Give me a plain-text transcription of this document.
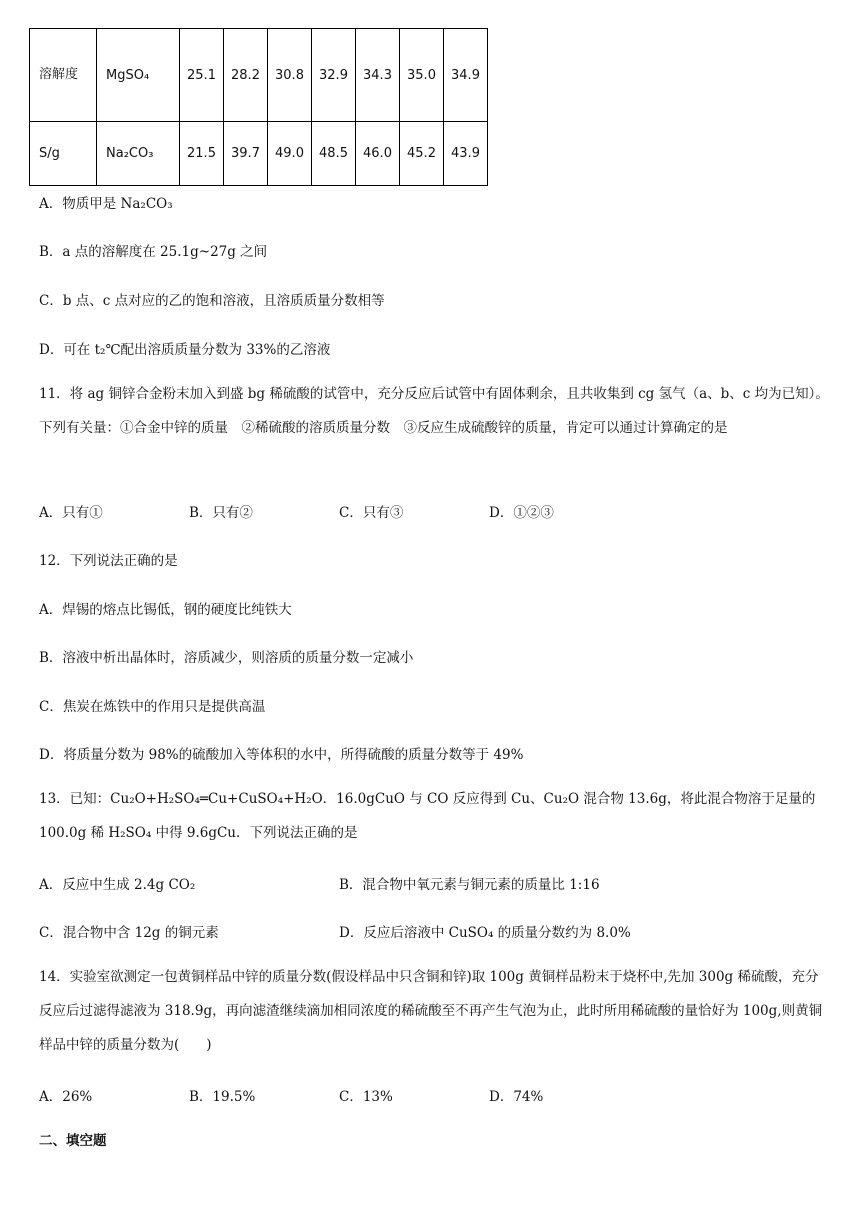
溶解度	MgSO₄	25.1	28.2	30.8	32.9	34.3	35.0	34.9
S/g	Na₂CO₃	21.5	39.7	49.0	48.5	46.0	45.2	43.9
A．物质甲是 Na₂CO₃
B．a 点的溶解度在 25.1g~27g 之间
C．b 点、c 点对应的乙的饱和溶液，且溶质质量分数相等
D．可在 t₂℃配出溶质质量分数为 33%的乙溶液
11．将 ag 铜锌合金粉末加入到盛 bg 稀硫酸的试管中，充分反应后试管中有固体剩余，且共收集到 cg 氢气（a、b、c 均为已知）。下列有关量：①合金中锌的质量　②稀硫酸的溶质质量分数　③反应生成硫酸锌的质量，肯定可以通过计算确定的是
A．只有①	B．只有②	C．只有③	D．①②③
12．下列说法正确的是
A．焊锡的熔点比锡低，钢的硬度比纯铁大
B．溶液中析出晶体时，溶质减少，则溶质的质量分数一定减小
C．焦炭在炼铁中的作用只是提供高温
D．将质量分数为 98%的硫酸加入等体积的水中，所得硫酸的质量分数等于 49%
13．已知：Cu₂O+H₂SO₄═Cu+CuSO₄+H₂O．16.0gCuO 与 CO 反应得到 Cu、Cu₂O 混合物 13.6g，将此混合物溶于足量的 100.0g 稀 H₂SO₄ 中得 9.6gCu．下列说法正确的是
A．反应中生成 2.4g CO₂	B．混合物中氧元素与铜元素的质量比 1:16
C．混合物中含 12g 的铜元素	D．反应后溶液中 CuSO₄ 的质量分数约为 8.0%
14．实验室欲测定一包黄铜样品中锌的质量分数(假设样品中只含铜和锌)取 100g 黄铜样品粉末于烧杯中,先加 300g 稀硫酸，充分反应后过滤得滤液为 318.9g，再向滤渣继续滴加相同浓度的稀硫酸至不再产生气泡为止，此时所用稀硫酸的量恰好为 100g,则黄铜样品中锌的质量分数为(　　)
A．26%	B．19.5%	C．13%	D．74%
二、填空题
